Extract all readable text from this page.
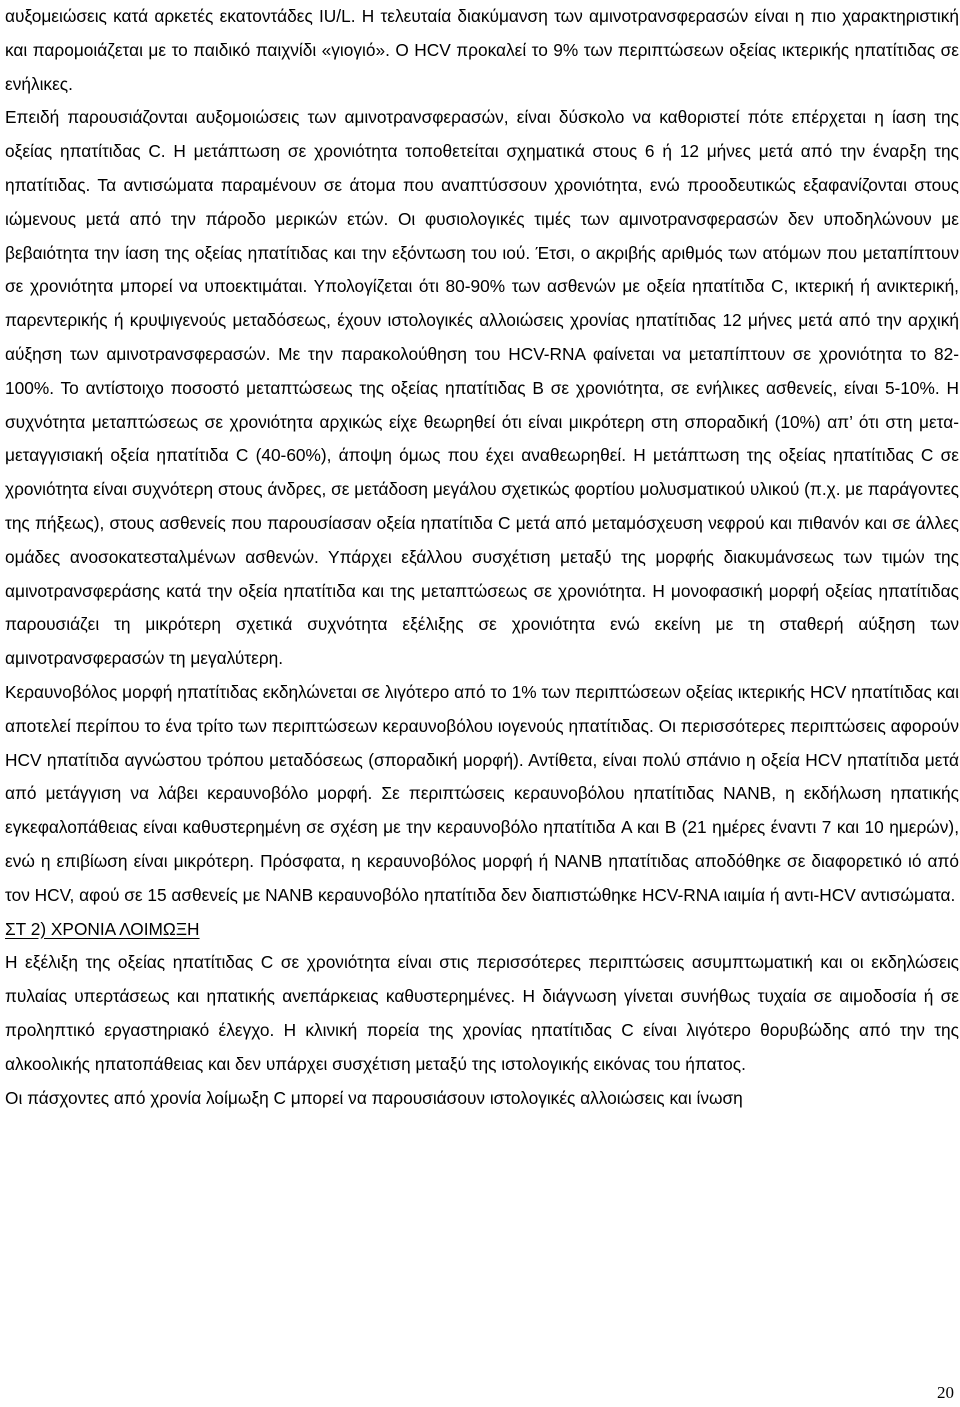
αυξομειώσεις κατά αρκετές εκατοντάδες IU/L. Η τελευταία διακύμανση των αμινοτρανσφερασών είναι η πιο χαρακτηριστική και παρομοιάζεται με το παιδικό παιχνίδι «γιογιό». Ο HCV προκαλεί το 9% των περιπτώσεων οξείας ικτερικής ηπατίτιδας σε ενήλικες.

Επειδή παρουσιάζονται αυξομοιώσεις των αμινοτρανσφερασών, είναι δύσκολο να καθοριστεί πότε επέρχεται η ίαση της οξείας ηπατίτιδας C. Η μετάπτωση σε χρονιότητα τοποθετείται σχηματικά στους 6 ή 12 μήνες μετά από την έναρξη της ηπατίτιδας. Τα αντισώματα παραμένουν σε άτομα που αναπτύσσουν χρονιότητα, ενώ προοδευτικώς εξαφανίζονται στους ιώμενους μετά από την πάροδο μερικών ετών. Οι φυσιολογικές τιμές των αμινοτρανσφερασών δεν υποδηλώνουν με βεβαιότητα την ίαση της οξείας ηπατίτιδας και την εξόντωση του ιού. Έτσι, ο ακριβής αριθμός των ατόμων που μεταπίπτουν σε χρονιότητα μπορεί να υποεκτιμάται. Υπολογίζεται ότι 80-90% των ασθενών με οξεία ηπατίτιδα C, ικτερική ή ανικτερική, παρεντερικής ή κρυψιγενούς μεταδόσεως, έχουν ιστολογικές αλλοιώσεις χρονίας ηπατίτιδας 12 μήνες μετά από την αρχική αύξηση των αμινοτρανσφερασών. Με την παρακολούθηση του HCV-RNA φαίνεται να μεταπίπτουν σε χρονιότητα το 82-100%. Το αντίστοιχο ποσοστό μεταπτώσεως της οξείας ηπατίτιδας Β σε χρονιότητα, σε ενήλικες ασθενείς, είναι 5-10%. Η συχνότητα μεταπτώσεως σε χρονιότητα αρχικώς είχε θεωρηθεί ότι είναι μικρότερη στη σποραδική (10%) απ’ ότι στη μετα-μεταγγισιακή οξεία ηπατίτιδα C (40-60%), άποψη όμως που έχει αναθεωρηθεί. Η μετάπτωση της οξείας ηπατίτιδας C σε χρονιότητα είναι συχνότερη στους άνδρες, σε μετάδοση μεγάλου σχετικώς φορτίου μολυσματικού υλικού (π.χ. με παράγοντες της πήξεως), στους ασθενείς που παρουσίασαν οξεία ηπατίτιδα C μετά από μεταμόσχευση νεφρού και πιθανόν και σε άλλες ομάδες ανοσοκατεσταλμένων ασθενών. Υπάρχει εξάλλου συσχέτιση μεταξύ της μορφής διακυμάνσεως των τιμών της αμινοτρανσφεράσης κατά την οξεία ηπατίτιδα και της μεταπτώσεως σε χρονιότητα. Η μονοφασική μορφή οξείας ηπατίτιδας παρουσιάζει τη μικρότερη σχετικά συχνότητα εξέλιξης σε χρονιότητα ενώ εκείνη με τη σταθερή αύξηση των αμινοτρανσφερασών τη μεγαλύτερη.

Κεραυνοβόλος μορφή ηπατίτιδας εκδηλώνεται σε λιγότερο από το 1% των περιπτώσεων οξείας ικτερικής HCV ηπατίτιδας και αποτελεί περίπου το ένα τρίτο των περιπτώσεων κεραυνοβόλου ιογενούς ηπατίτιδας. Οι περισσότερες περιπτώσεις αφορούν HCV ηπατίτιδα αγνώστου τρόπου μεταδόσεως (σποραδική μορφή). Αντίθετα, είναι πολύ σπάνιο η οξεία HCV ηπατίτιδα μετά από μετάγγιση να λάβει κεραυνοβόλο μορφή. Σε περιπτώσεις κεραυνοβόλου ηπατίτιδας NANB, η εκδήλωση ηπατικής εγκεφαλοπάθειας είναι καθυστερημένη σε σχέση με την κεραυνοβόλο ηπατίτιδα A και B (21 ημέρες έναντι 7 και 10 ημερών), ενώ η επιβίωση είναι μικρότερη. Πρόσφατα, η κεραυνοβόλος μορφή ή NANB ηπατίτιδας αποδόθηκε σε διαφορετικό ιό από τον HCV, αφού σε 15 ασθενείς με NANB κεραυνοβόλο ηπατίτιδα δεν διαπιστώθηκε HCV-RNA ιαιμία ή αντι-HCV αντισώματα.

ΣΤ 2) ΧΡΟΝΙΑ ΛΟΙΜΩΞΗ

Η εξέλιξη της οξείας ηπατίτιδας C σε χρονιότητα είναι στις περισσότερες περιπτώσεις ασυμπτωματική και οι εκδηλώσεις πυλαίας υπερτάσεως και ηπατικής ανεπάρκειας καθυστερημένες. Η διάγνωση γίνεται συνήθως τυχαία σε αιμοδοσία ή σε προληπτικό εργαστηριακό έλεγχο. Η κλινική πορεία της χρονίας ηπατίτιδας C είναι λιγότερο θορυβώδης από την της αλκοολικής ηπατοπάθειας και δεν υπάρχει συσχέτιση μεταξύ της ιστολογικής εικόνας του ήπατος.

Οι πάσχοντες από χρονία λοίμωξη C μπορεί να παρουσιάσουν ιστολογικές αλλοιώσεις και ίνωση

20
